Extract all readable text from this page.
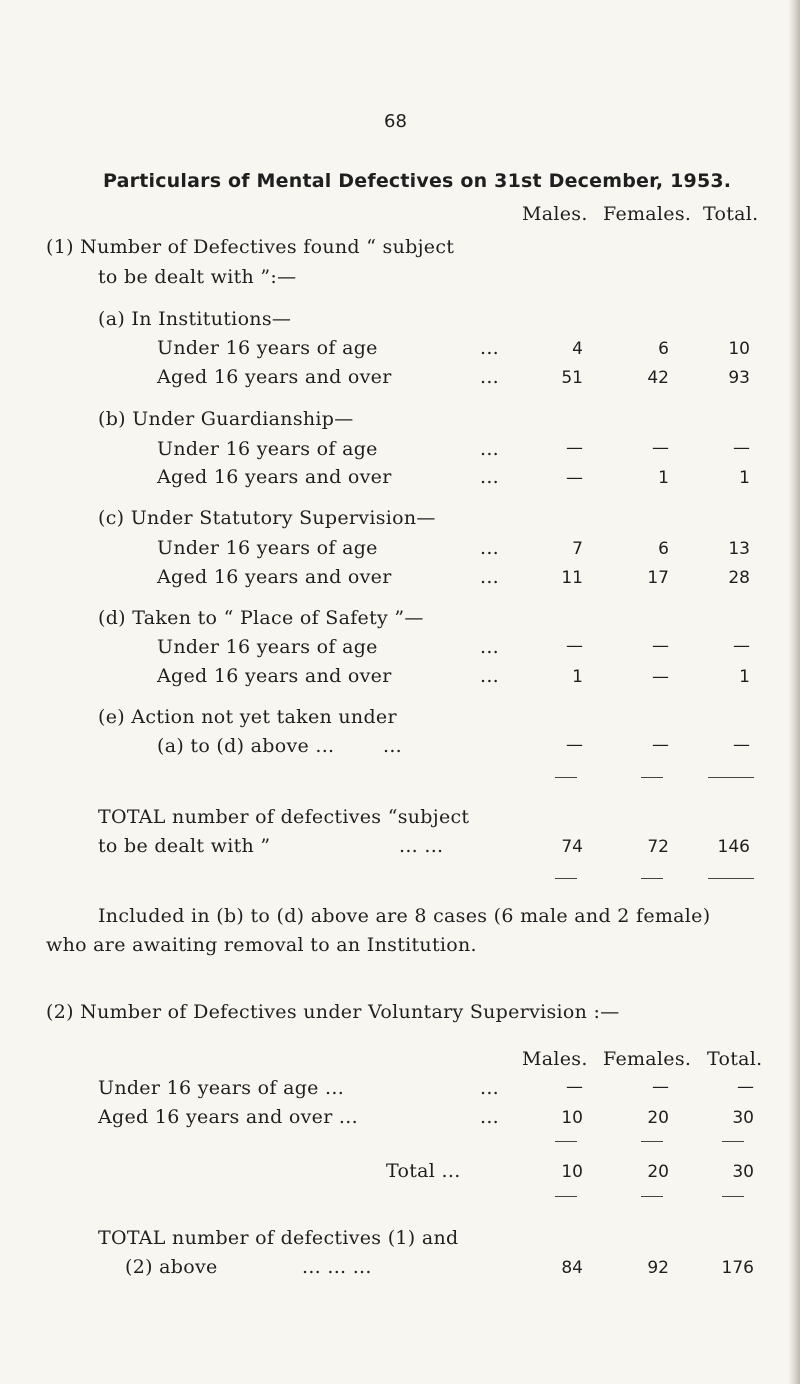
68
Particulars of Mental Defectives on 31st December, 1953.
Males. Females. Total.
(1) Number of Defectives found “ subject
to be dealt with ”:—
(a) In Institutions—
Under 16 years of age	...	4	6	10
Aged 16 years and over	...	51	42	93
(b) Under Guardianship—
Under 16 years of age	...	—	—	—
Aged 16 years and over	...	—	1	1
(c) Under Statutory Supervision—
Under 16 years of age	...	7	6	13
Aged 16 years and over	...	11	17	28
(d) Taken to “ Place of Safety ”—
Under 16 years of age	...	—	—	—
Aged 16 years and over	...	1	—	1
(e) Action not yet taken under
(a) to (d) above ...	...	—	—	—
TOTAL number of defectives “subject
to be dealt with ”	... ...	74	72	146
Included in (b) to (d) above are 8 cases (6 male and 2 female)
who are awaiting removal to an Institution.
(2) Number of Defectives under Voluntary Supervision :—
Males. Females. Total.
Under 16 years of age ...	...	—	—	—
Aged 16 years and over ...	...	10	20	30
Total ...	10	20	30
TOTAL number of defectives (1) and
(2) above	... ... ...	84	92	176
